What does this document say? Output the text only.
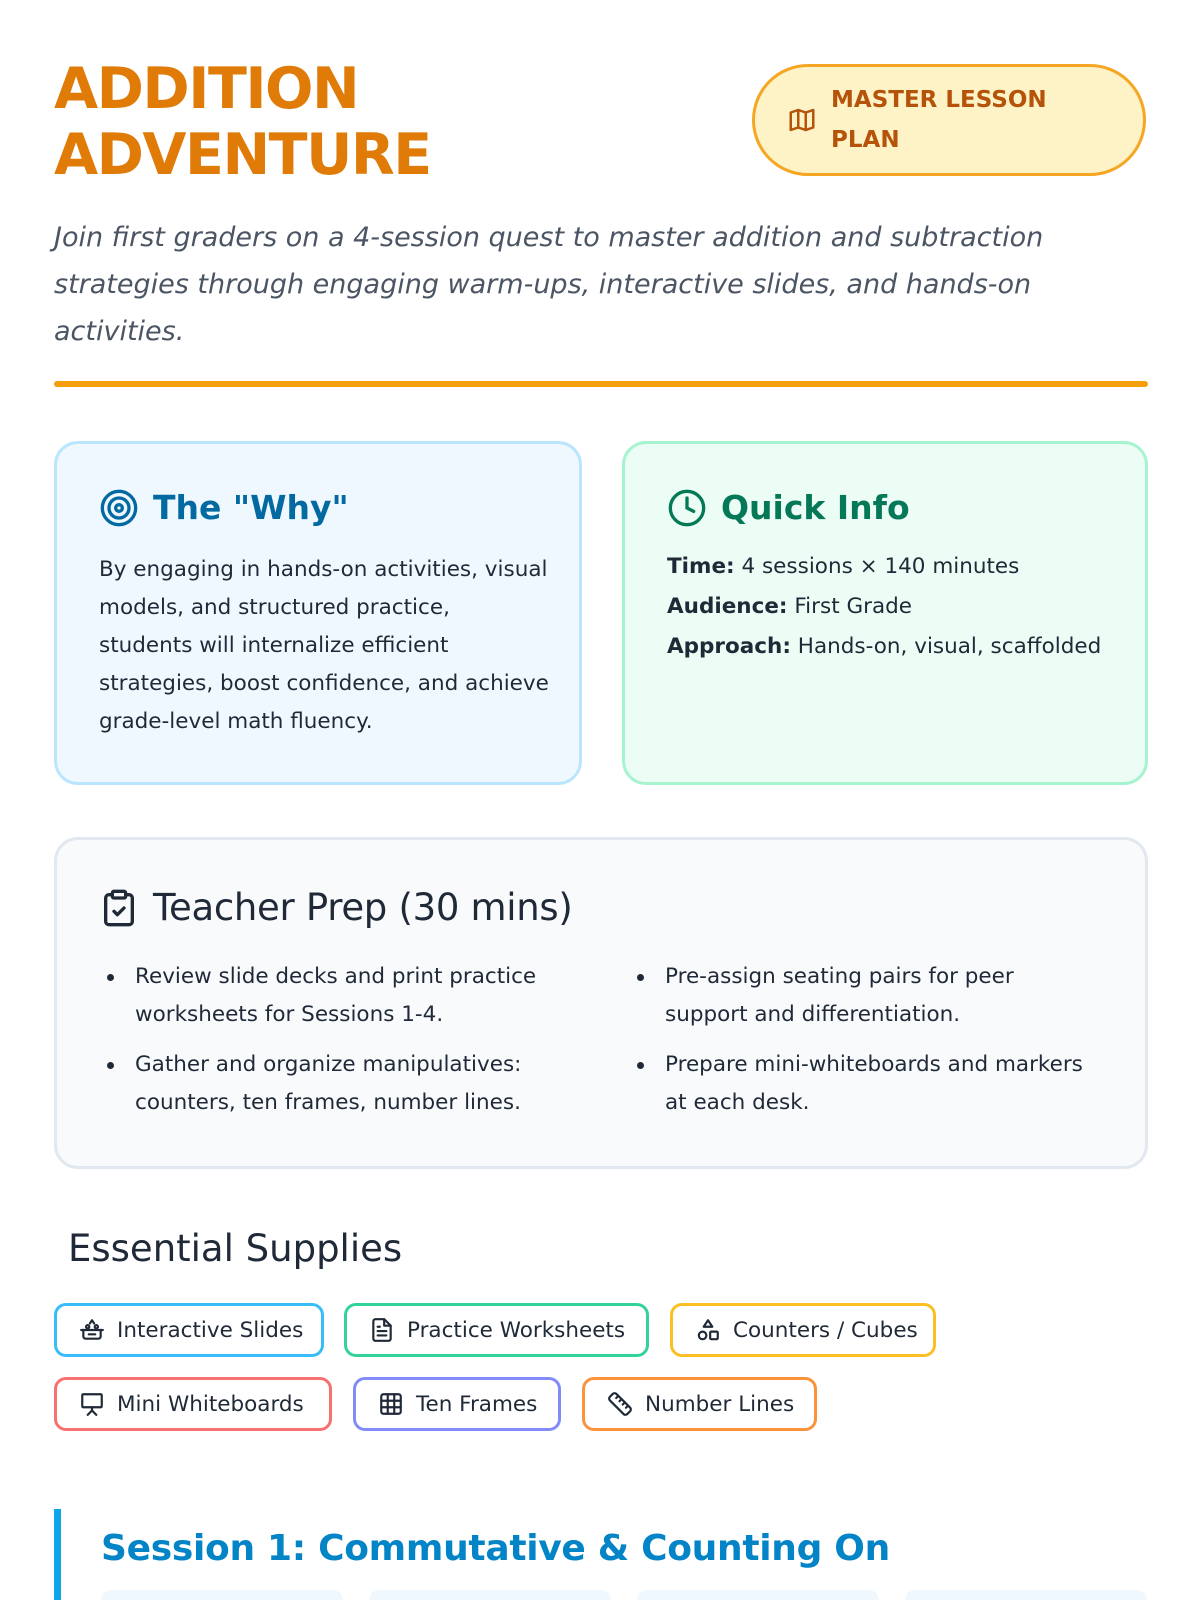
ADDITION
ADVENTURE
MASTER LESSON PLAN

Join first graders on a 4-session quest to master addition and subtraction strategies through engaging warm-ups, interactive slides, and hands-on activities.

The "Why"

By engaging in hands-on activities, visual models, and structured practice, students will internalize efficient strategies, boost confidence, and achieve grade-level math fluency.

Quick Info
Time: 4 sessions × 140 minutes
Audience: First Grade
Approach: Hands-on, visual, scaffolded
Teacher Prep (30 mins)
Review slide decks and print practice worksheets for Sessions 1-4.
Gather and organize manipulatives: counters, ten frames, number lines.
Pre-assign seating pairs for peer support and differentiation.
Prepare mini-whiteboards and markers at each desk.
Essential Supplies
Interactive Slides	Practice Worksheets	Counters / Cubes
Mini Whiteboards	Ten Frames	Number Lines
Session 1: Commutative & Counting On
